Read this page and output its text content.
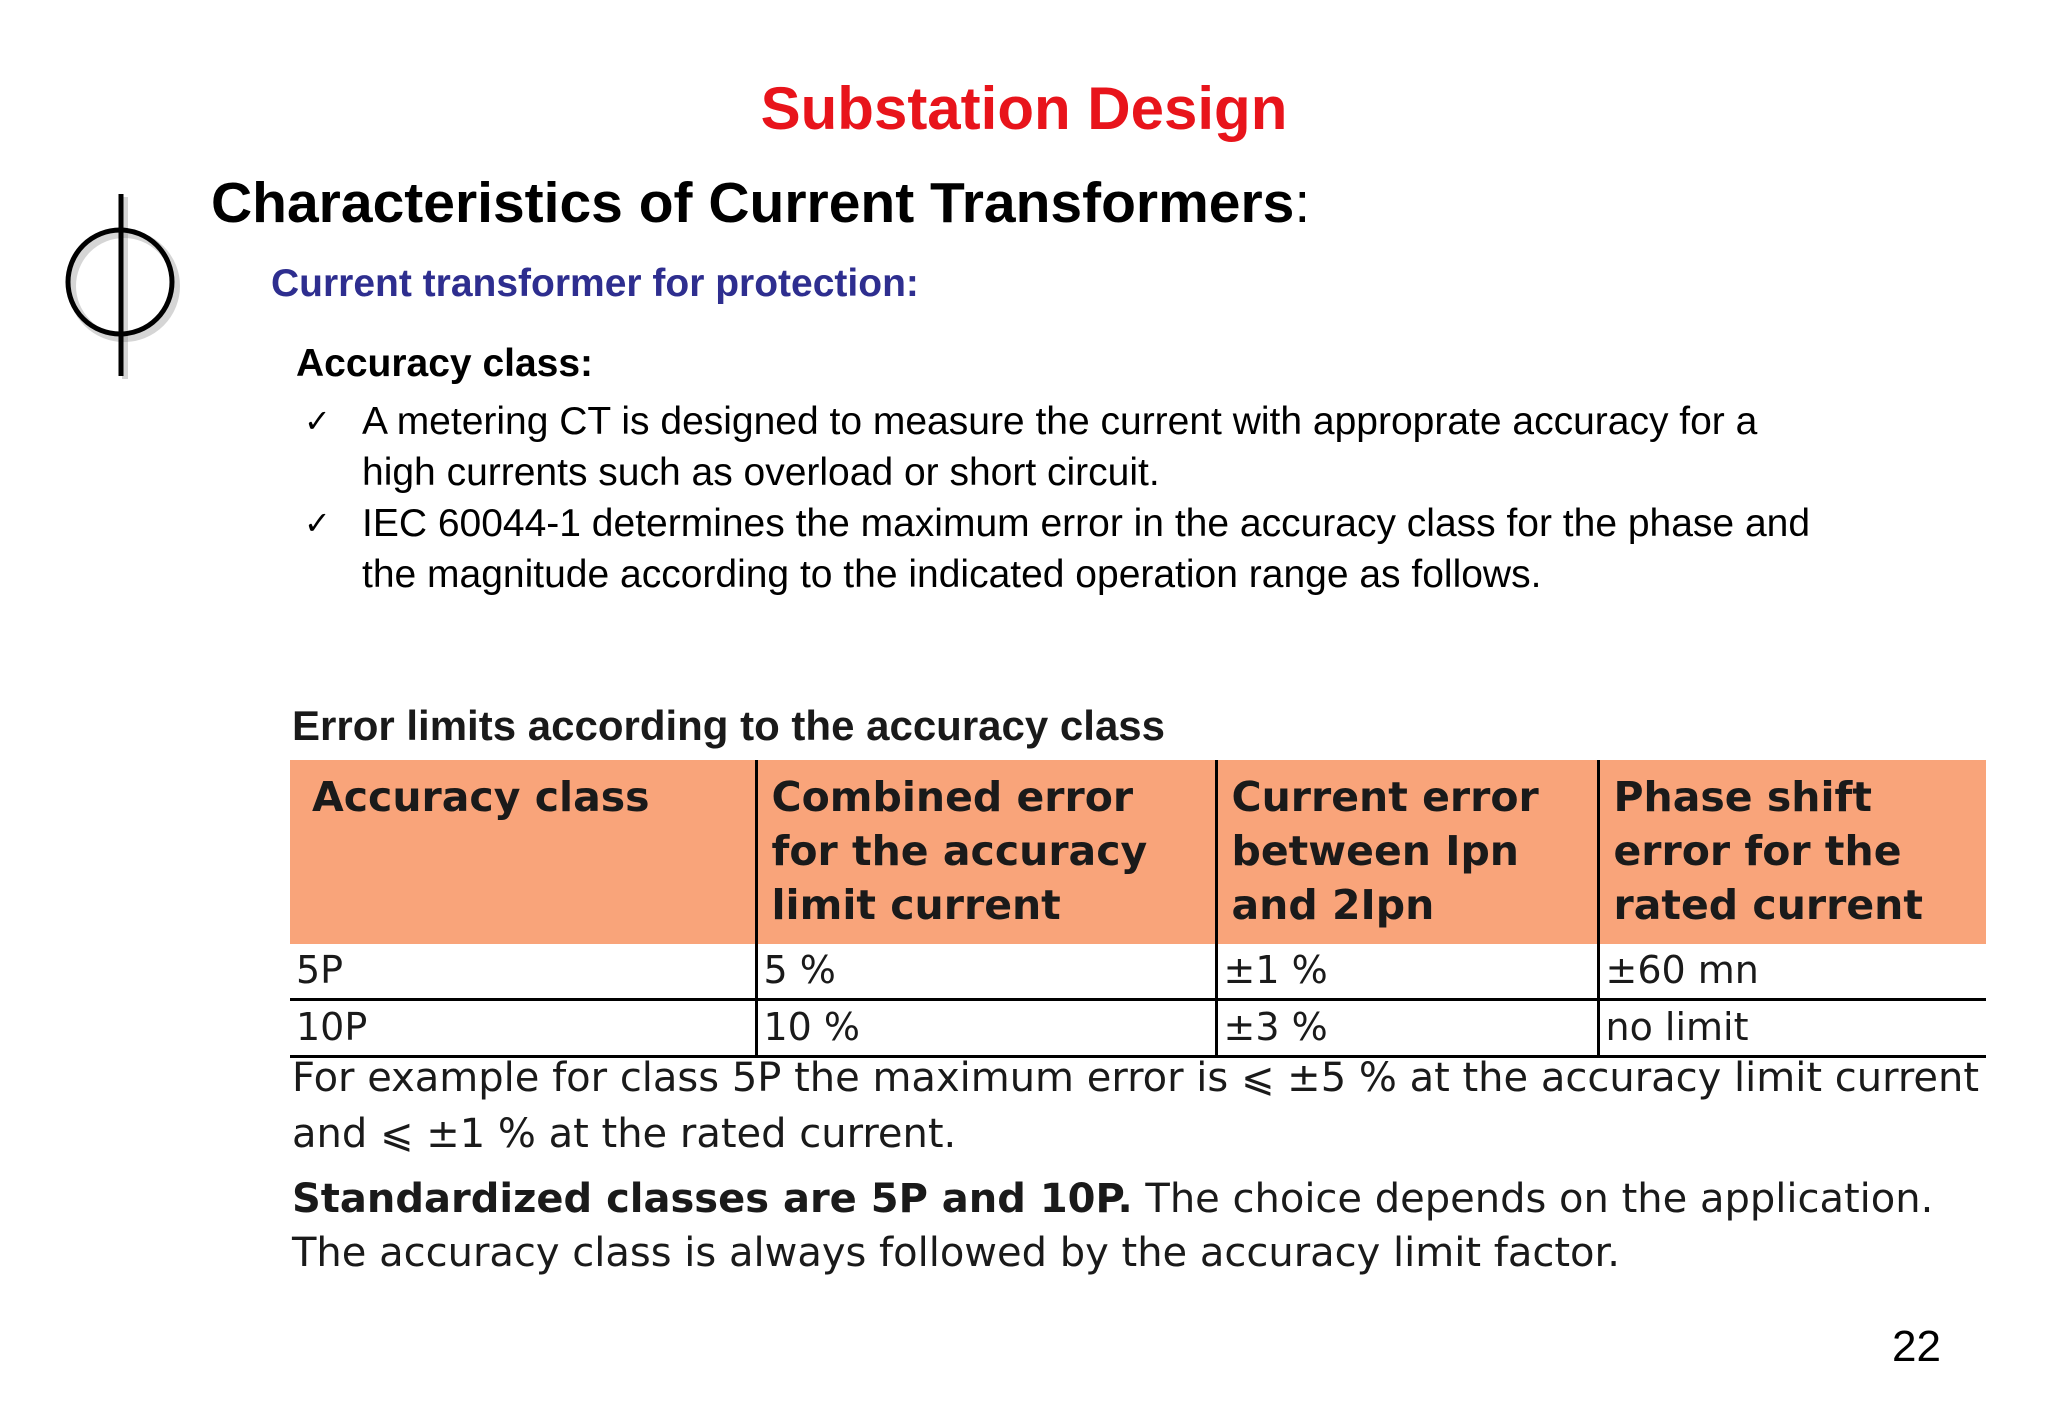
Substation Design
Characteristics of Current Transformers:
Current transformer for protection:
Accuracy class:
✓ A metering CT is designed to measure the current with approprate accuracy for a high currents such as overload or short circuit.
✓ IEC 60044-1 determines the maximum error in the accuracy class for the phase and the magnitude according to the indicated operation range as follows.
Error limits according to the accuracy class
Accuracy class	Combined error for the accuracy limit current	Current error between Ipn and 2Ipn	Phase shift error for the rated current
5P	5 %	±1 %	±60 mn
10P	10 %	±3 %	no limit
For example for class 5P the maximum error is ⩽ ±5 % at the accuracy limit current and ⩽ ±1 % at the rated current.
Standardized classes are 5P and 10P. The choice depends on the application. The accuracy class is always followed by the accuracy limit factor.
22
